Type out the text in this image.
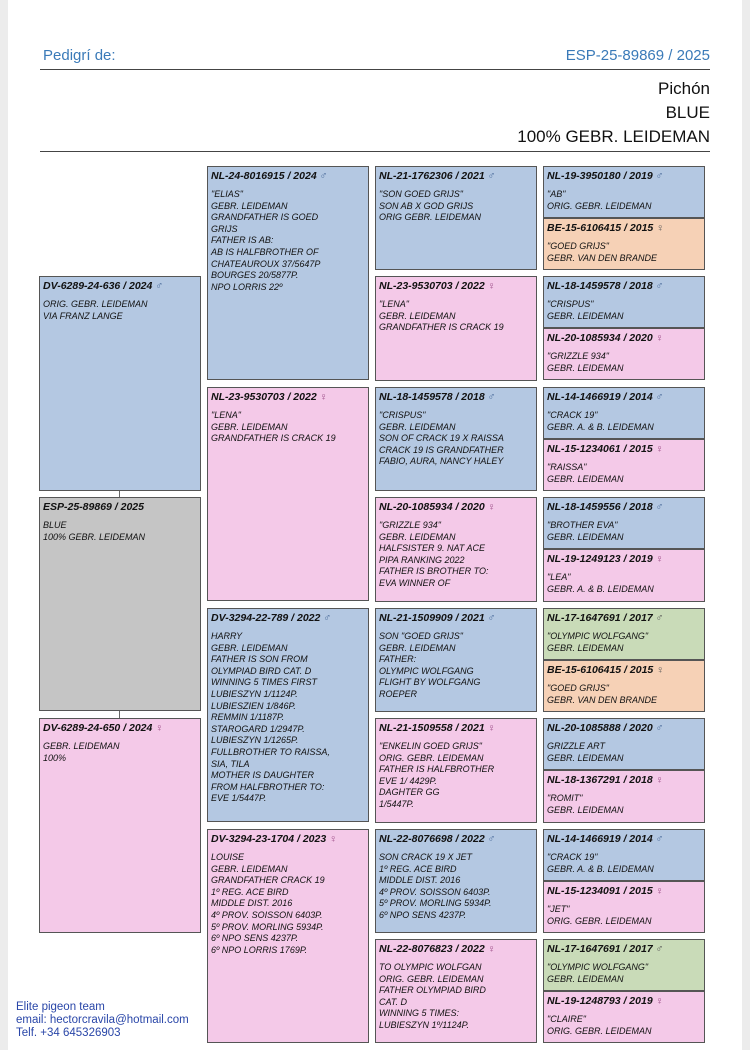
Pedigrí de:	ESP-25-89869 / 2025
Pichón
BLUE
100% GEBR. LEIDEMAN
ESP-25-89869 / 2025
BLUE
100% GEBR. LEIDEMAN
DV-6289-24-636 / 2024 ♂
ORIG. GEBR. LEIDEMAN
VIA FRANZ LANGE
DV-6289-24-650 / 2024 ♀
GEBR. LEIDEMAN
100%
NL-24-8016915 / 2024 ♂
"ELIAS"
GEBR. LEIDEMAN
GRANDFATHER IS GOED
GRIJS
FATHER IS AB:
AB IS HALFBROTHER OF
CHATEAUROUX 37/5647P
BOURGES 20/5877P.
NPO LORRIS 22º
NL-23-9530703 / 2022 ♀
"LENA"
GEBR. LEIDEMAN
GRANDFATHER IS CRACK 19
DV-3294-22-789 / 2022 ♂
HARRY
GEBR. LEIDEMAN
FATHER IS SON FROM
OLYMPIAD BIRD CAT. D
WINNING 5 TIMES FIRST
LUBIESZYN 1/1124P.
LUBIESZIEN 1/846P.
REMMIN 1/1187P.
STAROGARD 1/2947P.
LUBIESZYN 1/1265P.
FULLBROTHER TO RAISSA,
SIA, TILA
MOTHER IS DAUGHTER
FROM HALFBROTHER TO:
EVE 1/5447P.
DV-3294-23-1704 / 2023 ♀
LOUISE
GEBR. LEIDEMAN
GRANDFATHER CRACK 19
1º REG. ACE BIRD
MIDDLE DIST. 2016
4º PROV. SOISSON 6403P.
5º PROV. MORLING 5934P.
6º NPO SENS 4237P.
6º NPO LORRIS 1769P.
NL-21-1762306 / 2021 ♂
"SON GOED GRIJS"
SON AB X GOD GRIJS
ORIG GEBR. LEIDEMAN
NL-23-9530703 / 2022 ♀
"LENA"
GEBR. LEIDEMAN
GRANDFATHER IS CRACK 19
NL-18-1459578 / 2018 ♂
"CRISPUS"
GEBR. LEIDEMAN
SON OF CRACK 19 X RAISSA
CRACK 19 IS GRANDFATHER
FABIO, AURA, NANCY HALEY
NL-20-1085934 / 2020 ♀
"GRIZZLE 934"
GEBR. LEIDEMAN
HALFSISTER 9. NAT ACE
PIPA RANKING 2022
FATHER IS BROTHER TO:
EVA WINNER OF
NL-21-1509909 / 2021 ♂
SON "GOED GRIJS"
GEBR. LEIDEMAN
FATHER:
OLYMPIC WOLFGANG
FLIGHT BY WOLFGANG
ROEPER
NL-21-1509558 / 2021 ♀
"ENKELIN GOED GRIJS"
ORIG. GEBR. LEIDEMAN
FATHER IS HALFBROTHER
EVE 1/ 4429P.
DAGHTER GG
1/5447P.
NL-22-8076698 / 2022 ♂
SON CRACK 19 X JET
1º REG. ACE BIRD
MIDDLE DIST. 2016
4º PROV. SOISSON 6403P.
5º PROV. MORLING 5934P.
6º NPO SENS 4237P.
NL-22-8076823 / 2022 ♀
TO OLYMPIC WOLFGAN
ORIG. GEBR. LEIDEMAN
FATHER OLYMPIAD BIRD
CAT. D
WINNING 5 TIMES:
LUBIESZYN 1º/1124P.
NL-19-3950180 / 2019 ♂
"AB"
ORIG. GEBR. LEIDEMAN
BE-15-6106415 / 2015 ♀
"GOED GRIJS"
GEBR. VAN DEN BRANDE
NL-18-1459578 / 2018 ♂
"CRISPUS"
GEBR. LEIDEMAN
NL-20-1085934 / 2020 ♀
"GRIZZLE 934"
GEBR. LEIDEMAN
NL-14-1466919 / 2014 ♂
"CRACK 19"
GEBR. A. & B. LEIDEMAN
NL-15-1234061 / 2015 ♀
"RAISSA"
GEBR. LEIDEMAN
NL-18-1459556 / 2018 ♂
"BROTHER EVA"
GEBR. LEIDEMAN
NL-19-1249123 / 2019 ♀
"LEA"
GEBR. A. & B. LEIDEMAN
NL-17-1647691 / 2017 ♂
"OLYMPIC WOLFGANG"
GEBR. LEIDEMAN
BE-15-6106415 / 2015 ♀
"GOED GRIJS"
GEBR. VAN DEN BRANDE
NL-20-1085888 / 2020 ♂
GRIZZLE ART
GEBR. LEIDEMAN
NL-18-1367291 / 2018 ♀
"ROMIT"
GEBR. LEIDEMAN
NL-14-1466919 / 2014 ♂
"CRACK 19"
GEBR. A. & B. LEIDEMAN
NL-15-1234091 / 2015 ♀
"JET"
ORIG. GEBR. LEIDEMAN
NL-17-1647691 / 2017 ♂
"OLYMPIC WOLFGANG"
GEBR. LEIDEMAN
NL-19-1248793 / 2019 ♀
"CLAIRE"
ORIG. GEBR. LEIDEMAN
Elite pigeon team
email: hectorcravila@hotmail.com
Telf. +34 645326903
